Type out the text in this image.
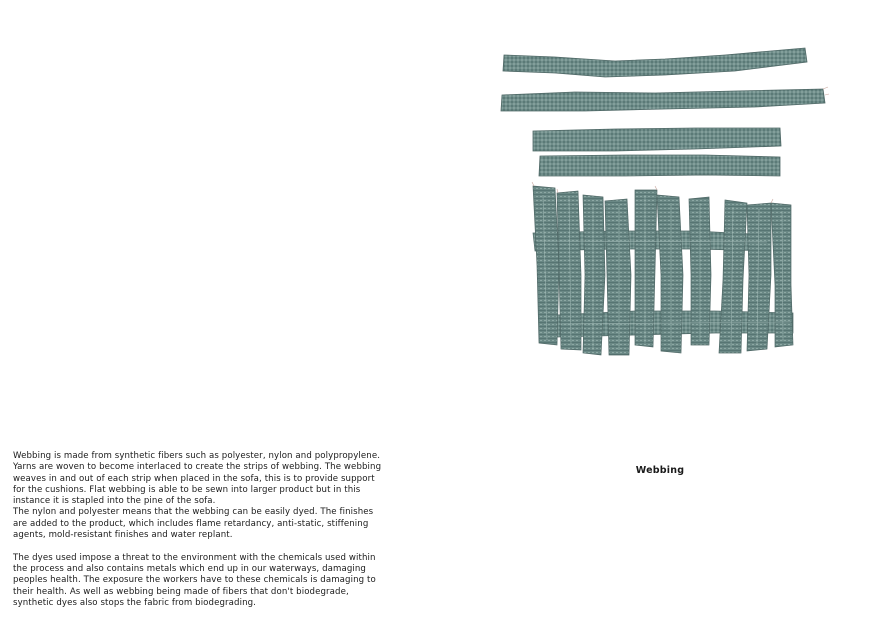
Webbing

Webbing is made from synthetic fibers such as polyester, nylon and polypropylene. Yarns are woven to become interlaced to create the strips of webbing. The webbing weaves in and out of each strip when placed in the sofa, this is to provide support for the cushions. Flat webbing is able to be sewn into larger product but in this instance it is stapled into the pine of the sofa.

The nylon and polyester means that the webbing can be easily dyed. The finishes are added to the product, which includes flame retardancy, anti-static, stiffening agents, mold-resistant finishes and water replant.

The dyes used impose a threat to the environment with the chemicals used within the process and also contains metals which end up in our waterways, damaging peoples health. The exposure the workers have to these chemicals is damaging to their health. As well as webbing being made of fibers that don't biodegrade, synthetic dyes also stops the fabric from biodegrading.
